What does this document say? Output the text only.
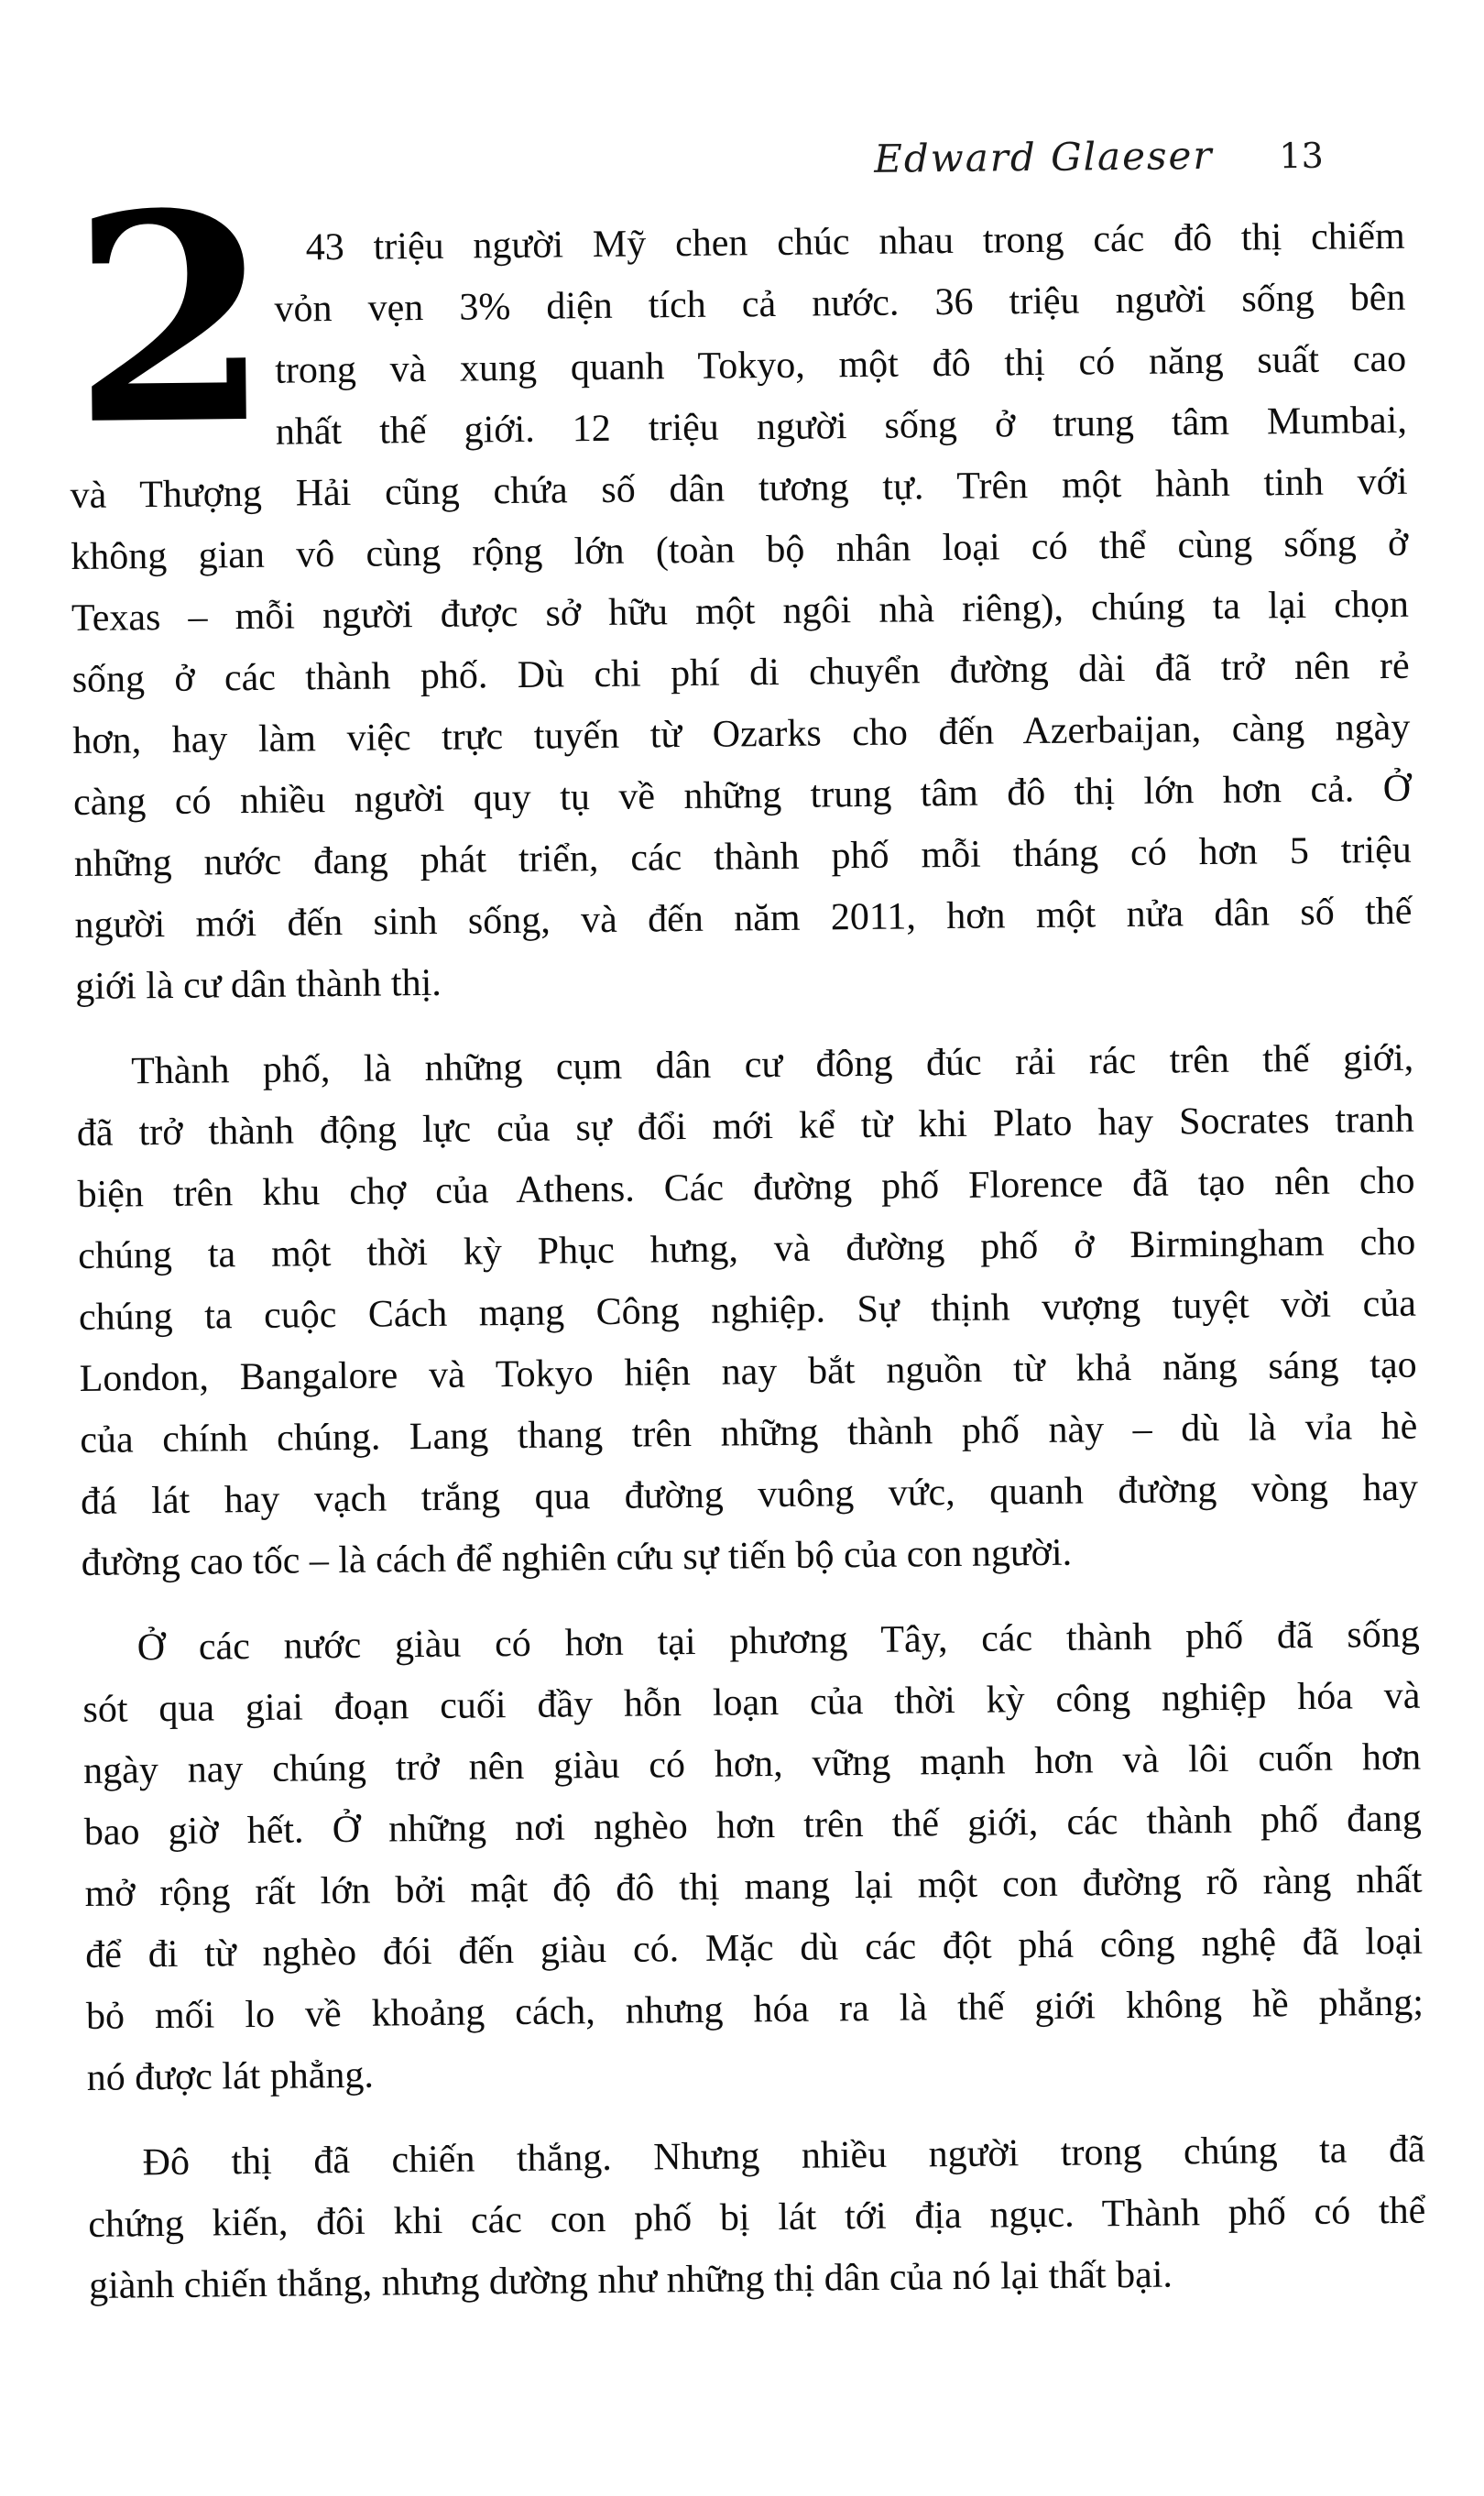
Edward Glaeser 13
2 43 triệu người Mỹ chen chúc nhau trong các đô thị chiếm
vỏn vẹn 3% diện tích cả nước. 36 triệu người sống bên
trong và xung quanh Tokyo, một đô thị có năng suất cao
nhất thế giới. 12 triệu người sống ở trung tâm Mumbai,
và Thượng Hải cũng chứa số dân tương tự. Trên một hành tinh với
không gian vô cùng rộng lớn (toàn bộ nhân loại có thể cùng sống ở
Texas – mỗi người được sở hữu một ngôi nhà riêng), chúng ta lại chọn
sống ở các thành phố. Dù chi phí di chuyển đường dài đã trở nên rẻ
hơn, hay làm việc trực tuyến từ Ozarks cho đến Azerbaijan, càng ngày
càng có nhiều người quy tụ về những trung tâm đô thị lớn hơn cả. Ở
những nước đang phát triển, các thành phố mỗi tháng có hơn 5 triệu
người mới đến sinh sống, và đến năm 2011, hơn một nửa dân số thế
giới là cư dân thành thị.
Thành phố, là những cụm dân cư đông đúc rải rác trên thế giới,
đã trở thành động lực của sự đổi mới kể từ khi Plato hay Socrates tranh
biện trên khu chợ của Athens. Các đường phố Florence đã tạo nên cho
chúng ta một thời kỳ Phục hưng, và đường phố ở Birmingham cho
chúng ta cuộc Cách mạng Công nghiệp. Sự thịnh vượng tuyệt vời của
London, Bangalore và Tokyo hiện nay bắt nguồn từ khả năng sáng tạo
của chính chúng. Lang thang trên những thành phố này – dù là vỉa hè
đá lát hay vạch trắng qua đường vuông vức, quanh đường vòng hay
đường cao tốc – là cách để nghiên cứu sự tiến bộ của con người.
Ở các nước giàu có hơn tại phương Tây, các thành phố đã sống
sót qua giai đoạn cuối đầy hỗn loạn của thời kỳ công nghiệp hóa và
ngày nay chúng trở nên giàu có hơn, vững mạnh hơn và lôi cuốn hơn
bao giờ hết. Ở những nơi nghèo hơn trên thế giới, các thành phố đang
mở rộng rất lớn bởi mật độ đô thị mang lại một con đường rõ ràng nhất
để đi từ nghèo đói đến giàu có. Mặc dù các đột phá công nghệ đã loại
bỏ mối lo về khoảng cách, nhưng hóa ra là thế giới không hề phẳng;
nó được lát phẳng.
Đô thị đã chiến thắng. Nhưng nhiều người trong chúng ta đã
chứng kiến, đôi khi các con phố bị lát tới địa ngục. Thành phố có thể
giành chiến thắng, nhưng dường như những thị dân của nó lại thất bại.
